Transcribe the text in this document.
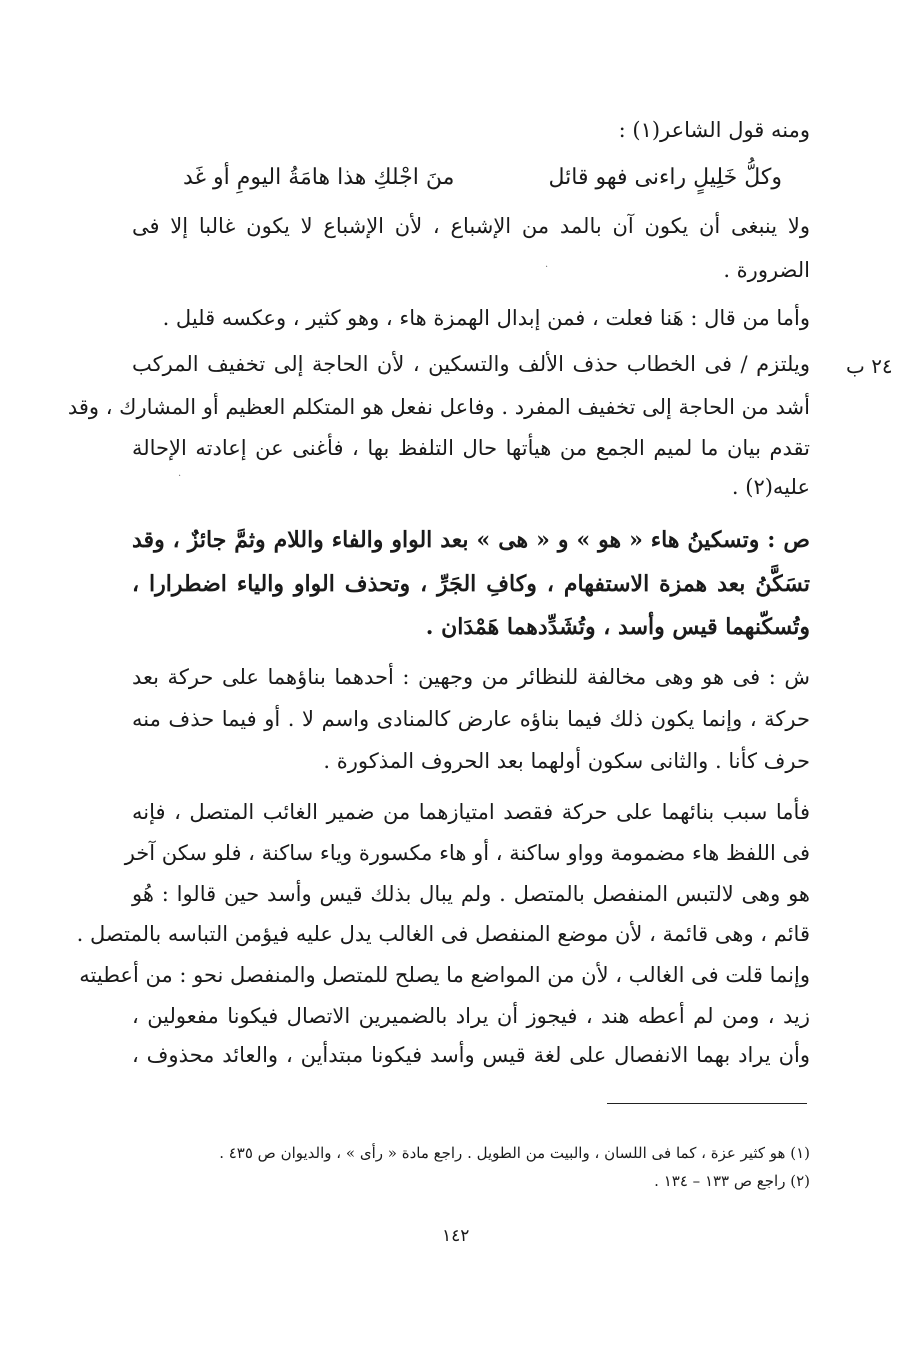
ومنه قول الشاعر(١) :
وكلُّ خَلِيلٍ راءنى فهو قائل
منَ اجْلكِ هذا هامَةُ اليومِ أو غَد
ولا ينبغى أن يكون آن بالمد من الإشباع ، لأن الإشباع لا يكون غالبا إلا فى
الضرورة .
وأما من قال : هَنا فعلت ، فمن إبدال الهمزة هاء ، وهو كثير ، وعكسه قليل .
٢٤ ب
ويلتزم / فى الخطاب حذف الألف والتسكين ، لأن الحاجة إلى تخفيف المركب
أشد من الحاجة إلى تخفيف المفرد . وفاعل نفعل هو المتكلم العظيم أو المشارك ، وقد
تقدم بيان ما لميم الجمع من هيأتها حال التلفظ بها ، فأغنى عن إعادته الإحالة
عليه(٢) .
ص : وتسكينُ هاء « هو » و « هى » بعد الواو والفاء واللام وثمَّ جائزٌ ، وقد
تسَكَّنُ بعد همزة الاستفهام ، وكافِ الجَرِّ ، وتحذف الواو والياء اضطرارا ،
وتُسكّنهما قيس وأسد ، وتُشَدِّدهما هَمْدَان .
ش : فى هو وهى مخالفة للنظائر من وجهين : أحدهما بناؤهما على حركة بعد
حركة ، وإنما يكون ذلك فيما بناؤه عارض كالمنادى واسم لا . أو فيما حذف منه
حرف كأنا . والثانى سكون أولهما بعد الحروف المذكورة .
فأما سبب بنائهما على حركة فقصد امتيازهما من ضمير الغائب المتصل ، فإنه
فى اللفظ هاء مضمومة وواو ساكنة ، أو هاء مكسورة وياء ساكنة ، فلو سكن آخر
هو وهى لالتبس المنفصل بالمتصل . ولم يبال بذلك قيس وأسد حين قالوا : هُو
قائم ، وهى قائمة ، لأن موضع المنفصل فى الغالب يدل عليه فيؤمن التباسه بالمتصل .
وإنما قلت فى الغالب ، لأن من المواضع ما يصلح للمتصل والمنفصل نحو : من أعطيته
زيد ، ومن لم أعطه هند ، فيجوز أن يراد بالضميرين الاتصال فيكونا مفعولين ،
وأن يراد بهما الانفصال على لغة قيس وأسد فيكونا مبتدأين ، والعائد محذوف ،
(١) هو كثير عزة ، كما فى اللسان ، والبيت من الطويل . راجع مادة « رأى » ، والديوان ص ٤٣٥ .
(٢) راجع ص ١٣٣ – ١٣٤ .
١٤٢
·
·
